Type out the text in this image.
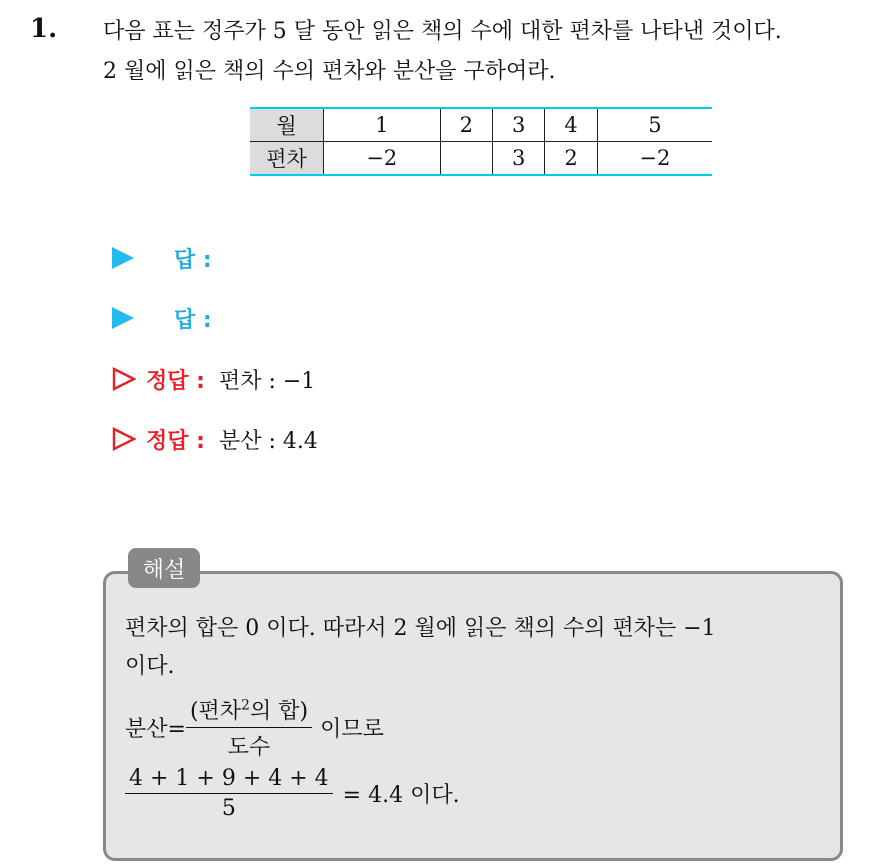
1. 다음 표는 정주가 5 달 동안 읽은 책의 수에 대한 편차를 나타낸 것이다.
2 월에 읽은 책의 수의 편차와 분산을 구하여라.
월	1	2	3	4	5
편차	−2		3	2	−2
답 :
답 :
정답 : 편차 : −1
정답 : 분산 : 4.4
해설
편차의 합은 0 이다. 따라서 2 월에 읽은 책의 수의 편차는 −1
이다.
분산= $\frac{(편차^2의 합)}{\text{도수}}$ 이므로
$\frac{4 + 1 + 9 + 4 + 4}{5} = 4.4$ 이다.
